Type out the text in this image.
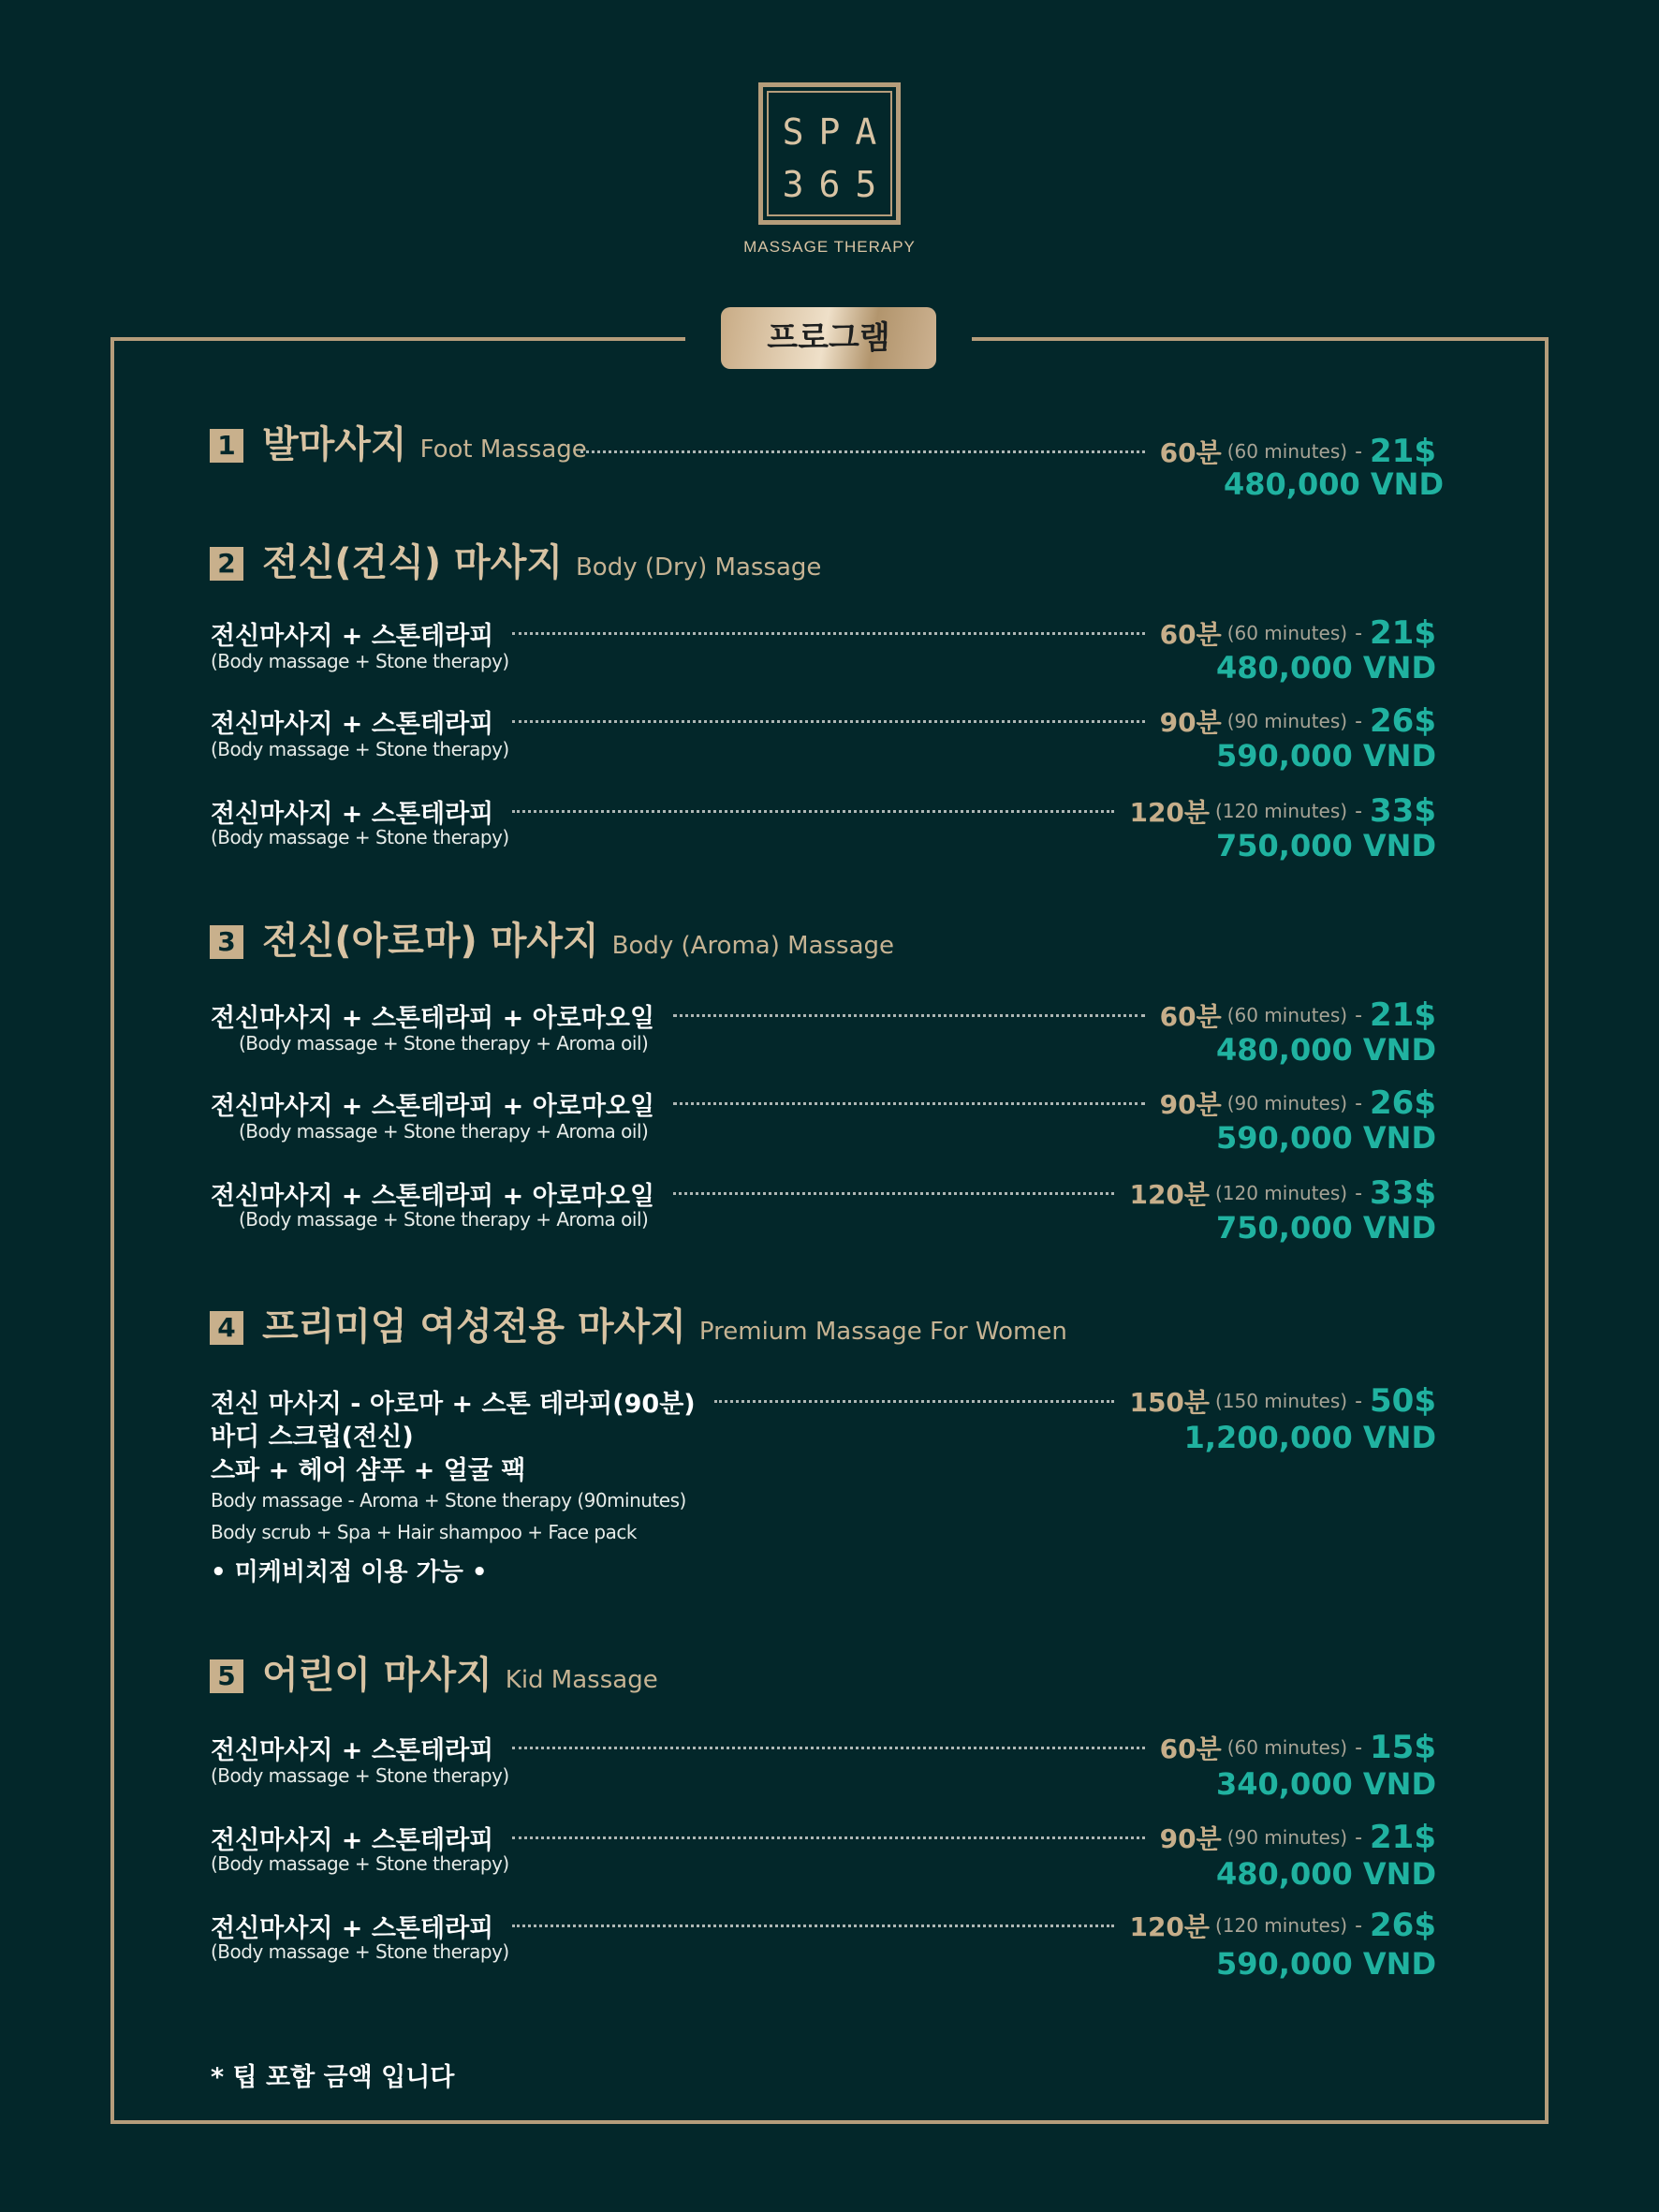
SPA
365
MASSAGE THERAPY
프로그램
1 발마사지 Foot Massage	60분 (60 minutes) - 21$
480,000 VND
2 전신(건식) 마사지 Body (Dry) Massage
전신마사지 + 스톤테라피	60분 (60 minutes) - 21$
(Body massage + Stone therapy)	480,000 VND
전신마사지 + 스톤테라피	90분 (90 minutes) - 26$
(Body massage + Stone therapy)	590,000 VND
전신마사지 + 스톤테라피	120분 (120 minutes) - 33$
(Body massage + Stone therapy)	750,000 VND
3 전신(아로마) 마사지 Body (Aroma) Massage
전신마사지 + 스톤테라피 + 아로마오일	60분 (60 minutes) - 21$
(Body massage + Stone therapy + Aroma oil)	480,000 VND
전신마사지 + 스톤테라피 + 아로마오일	90분 (90 minutes) - 26$
(Body massage + Stone therapy + Aroma oil)	590,000 VND
전신마사지 + 스톤테라피 + 아로마오일	120분 (120 minutes) - 33$
(Body massage + Stone therapy + Aroma oil)	750,000 VND
4 프리미엄 여성전용 마사지 Premium Massage For Women
전신 마사지 - 아로마 + 스톤 테라피(90분)	150분 (150 minutes) - 50$
1,200,000 VND
바디 스크럽(전신)
스파 + 헤어 샴푸 + 얼굴 팩
Body massage - Aroma + Stone therapy (90minutes)
Body scrub + Spa + Hair shampoo + Face pack
• 미케비치점 이용 가능 •
5 어린이 마사지 Kid Massage
전신마사지 + 스톤테라피	60분 (60 minutes) - 15$
(Body massage + Stone therapy)	340,000 VND
전신마사지 + 스톤테라피	90분 (90 minutes) - 21$
(Body massage + Stone therapy)	480,000 VND
전신마사지 + 스톤테라피	120분 (120 minutes) - 26$
(Body massage + Stone therapy)	590,000 VND
* 팁 포함 금액 입니다
